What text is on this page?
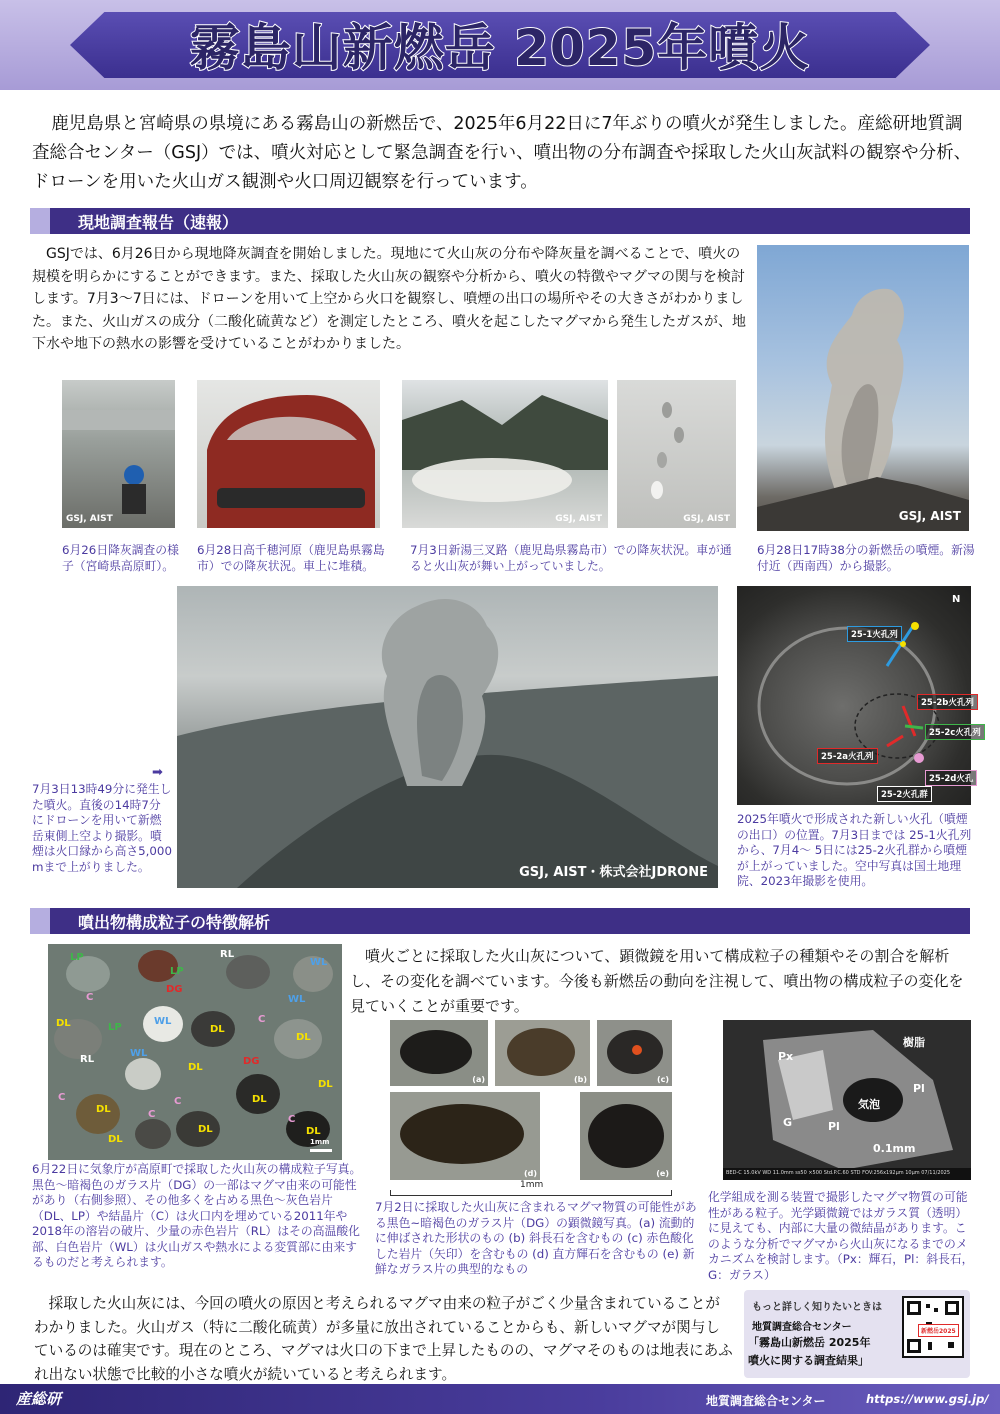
霧島山新燃岳 2025年噴火

鹿児島県と宮崎県の県境にある霧島山の新燃岳で、2025年6月22日に7年ぶりの噴火が発生しました。産総研地質調査総合センター（GSJ）では、噴火対応として緊急調査を行い、噴出物の分布調査や採取した火山灰試料の観察や分析、ドローンを用いた火山ガス観測や火口周辺観察を行っています。

現地調査報告（速報）

GSJでは、6月26日から現地降灰調査を開始しました。現地にて火山灰の分布や降灰量を調べることで、噴火の規模を明らかにすることができます。また、採取した火山灰の観察や分析から、噴火の特徴やマグマの関与を検討します。7月3〜7日には、ドローンを用いて上空から火口を観察し、噴煙の出口の場所やその大きさがわかりました。また、火山ガスの成分（二酸化硫黄など）を測定したところ、噴火を起こしたマグマから発生したガスが、地下水や地下の熱水の影響を受けていることがわかりました。

GSJ, AIST
GSJ, AIST	GSJ, AIST	GSJ, AIST
6月26日降灰調査の様子（宮崎県高原町）。
6月28日高千穂河原（鹿児島県霧島市）での降灰状況。車上に堆積。
7月3日新湯三叉路（鹿児島県霧島市）での降灰状況。車が通ると火山灰が舞い上がっていました。
6月28日17時38分の新燃岳の噴煙。新湯付近（西南西）から撮影。
GSJ, AIST・株式会社JDRONE
➡
7月3日13時49分に発生した噴火。直後の14時7分にドローンを用いて新燃岳東側上空より撮影。噴煙は火口縁から高さ5,000 mまで上がりました。
N
25-1火孔列
25-2b火孔列
25-2c火孔列
25-2a火孔列
25-2d火孔
25-2火孔群
2025年噴火で形成された新しい火孔（噴煙の出口）の位置。7月3日までは 25-1火孔列から、7月4〜 5日には25-2火孔群から噴煙が上がっていました。空中写真は国土地理院、2023年撮影を使用。
噴出物構成粒子の特徴解析
LP	RL
WL
LP
DG
C
DL	LP
WL
DL
C
WL
DL
RL
WL
DL
DG
DL
C
DL
DL
C
C
DL
DL
C
DL
1mm
6月22日に気象庁が高原町で採取した火山灰の構成粒子写真。黒色〜暗褐色のガラス片（DG）の一部はマグマ由来の可能性があり（右側参照）、その他多くを占める黒色〜灰色岩片（DL、LP）や結晶片（C）は火口内を埋めている2011年や2018年の溶岩の破片、少量の赤色岩片（RL）はその高温酸化部、白色岩片（WL）は火山ガスや熱水による変質部に由来するものだと考えられます。

噴火ごとに採取した火山灰について、顕微鏡を用いて構成粒子の種類やその割合を解析し、その変化を調べています。今後も新燃岳の動向を注視して、噴出物の構成粒子の変化を見ていくことが重要です。

(a)	(b)	(c)
(d)	(e)
1mm
7月2日に採取した火山灰に含まれるマグマ物質の可能性がある黒色~暗褐色のガラス片（DG）の顕微鏡写真。(a) 流動的に伸ばされた形状のもの (b) 斜長石を含むもの (c) 赤色酸化した岩片（矢印）を含むもの (d) 直方輝石を含むもの (e) 新鮮なガラス片の典型的なもの
樹脂
Px
Pl
気泡
G	Pl
0.1mm
BED-C 15.0kV WD 11.0mm ss50 ×500 Std.P.C.60 STD FOV:256x192μm 10μm 07/11/2025
化学組成を測る装置で撮影したマグマ物質の可能性がある粒子。光学顕微鏡ではガラス質（透明）に見えても、内部に大量の微結晶があります。このような分析でマグマから火山灰になるまでのメカニズムを検討します。（Px：輝石，Pl：斜長石，G：ガラス）

採取した火山灰には、今回の噴火の原因と考えられるマグマ由来の粒子がごく少量含まれていることがわかりました。火山ガス（特に二酸化硫黄）が多量に放出されていることからも、新しいマグマが関与しているのは確実です。現在のところ、マグマは火口の下まで上昇したものの、マグマそのものは地表にあふれ出ない状態で比較的小さな噴火が続いていると考えられます。

もっと詳しく知りたいときは
地質調査総合センター
「霧島山新燃岳 2025年
噴火に関する調査結果」
新燃岳2025
産総研	地質調査総合センター	https://www.gsj.jp/
